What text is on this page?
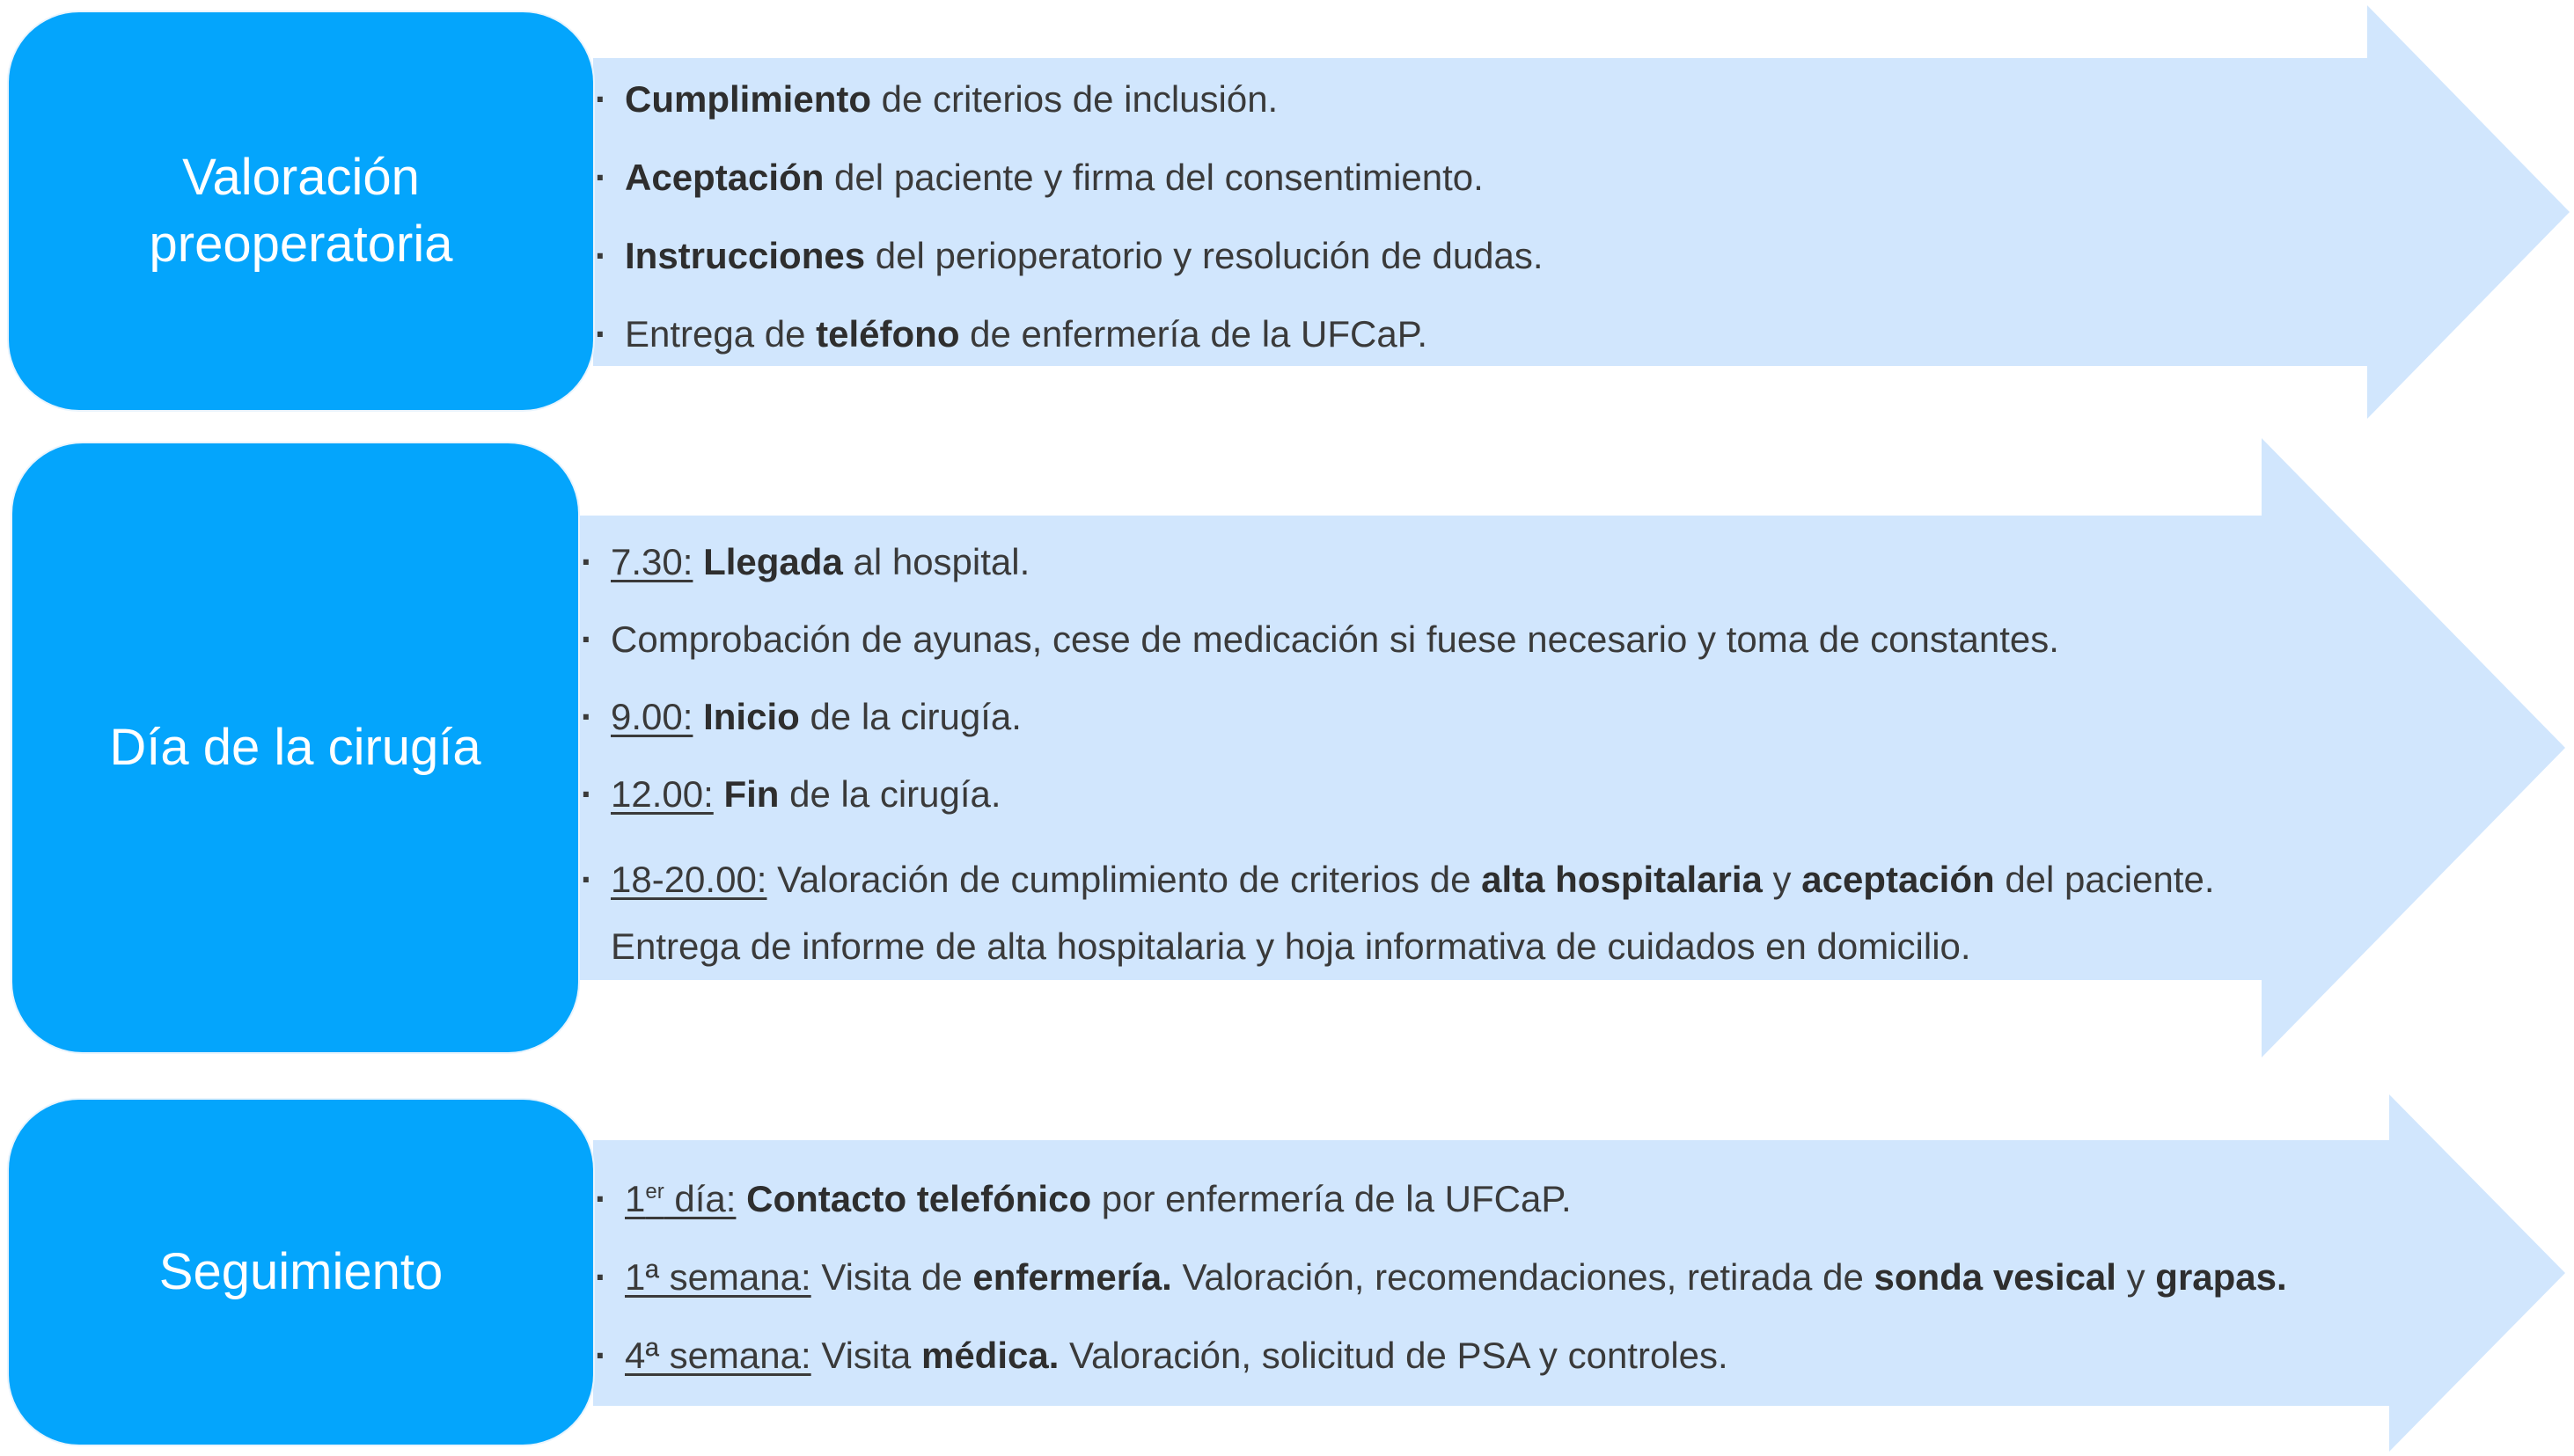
Valoración
preoperatoria
· Cumplimiento de criterios de inclusión.
· Aceptación del paciente y firma del consentimiento.
· Instrucciones del perioperatorio y resolución de dudas.
· Entrega de teléfono de enfermería de la UFCaP.
Día de la cirugía
· 7.30: Llegada al hospital.
· Comprobación de ayunas, cese de medicación si fuese necesario y toma de constantes.
· 9.00: Inicio de la cirugía.
· 12.00: Fin de la cirugía.
· 18-20.00: Valoración de cumplimiento de criterios de alta hospitalaria y aceptación del paciente.
Entrega de informe de alta hospitalaria y hoja informativa de cuidados en domicilio.
Seguimiento
· 1er día: Contacto telefónico por enfermería de la UFCaP.
· 1ª semana: Visita de enfermería. Valoración, recomendaciones, retirada de sonda vesical y grapas.
· 4ª semana: Visita médica. Valoración, solicitud de PSA y controles.
